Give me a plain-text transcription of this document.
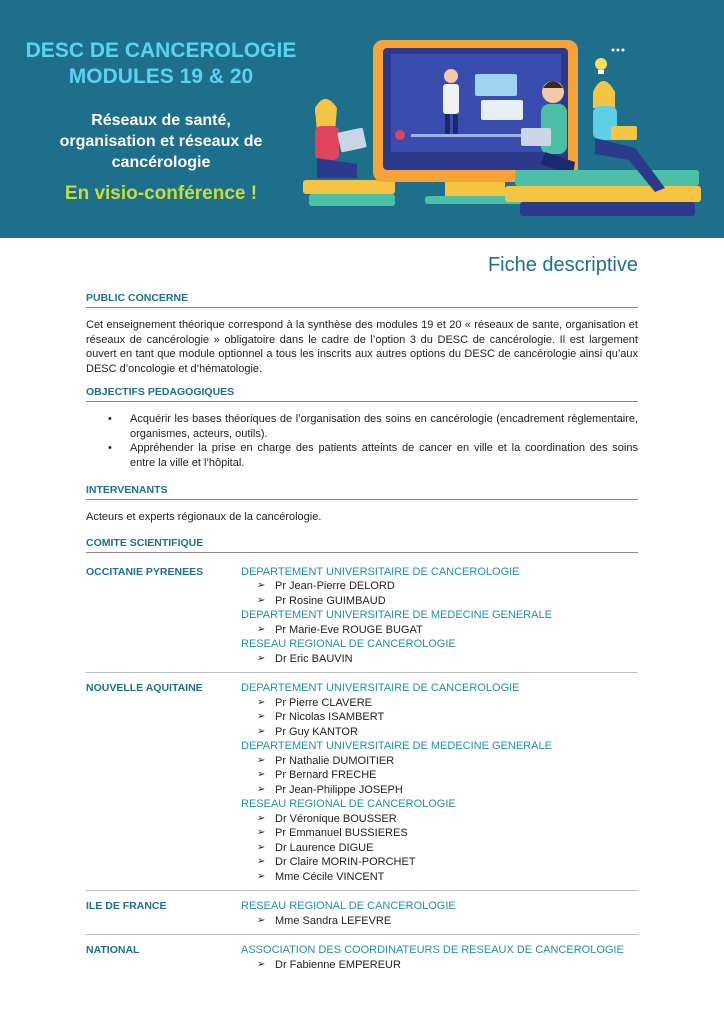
DESC DE CANCEROLOGIE
MODULES 19 & 20
Réseaux de santé,
organisation et réseaux de
cancérologie
En visio-conférence !
Fiche descriptive
PUBLIC CONCERNE

Cet enseignement théorique correspond à la synthèse des modules 19 et 20 « réseaux de sante, organisation et réseaux de cancérologie » obligatoire dans le cadre de l’option 3 du DESC de cancérologie. Il est largement ouvert en tant que module optionnel a tous les inscrits aux autres options du DESC de cancérologie ainsi qu’aux DESC d’oncologie et d’hématologie.

OBJECTIFS PEDAGOGIQUES
• Acquérir les bases théoriques de l’organisation des soins en cancérologie (encadrement règlementaire, organismes, acteurs, outils).
• Appréhender la prise en charge des patients atteints de cancer en ville et la coordination des soins entre la ville et l’hôpital.
INTERVENANTS

Acteurs et experts régionaux de la cancérologie.

COMITE SCIENTIFIQUE
OCCITANIE PYRENEES	DEPARTEMENT UNIVERSITAIRE DE CANCEROLOGIE
➢ Pr Jean-Pierre DELORD
➢ Pr Rosine GUIMBAUD
DEPARTEMENT UNIVERSITAIRE DE MEDECINE GENERALE
➢ Pr Marie-Eve ROUGE BUGAT
RESEAU REGIONAL DE CANCEROLOGIE
➢ Dr Eric BAUVIN
NOUVELLE AQUITAINE	DEPARTEMENT UNIVERSITAIRE DE CANCEROLOGIE
➢ Pr Pierre CLAVERE
➢ Pr Nicolas ISAMBERT
➢ Pr Guy KANTOR
DEPARTEMENT UNIVERSITAIRE DE MEDECINE GENERALE
➢ Pr Nathalie DUMOITIER
➢ Pr Bernard FRECHE
➢ Pr Jean-Philippe JOSEPH
RESEAU REGIONAL DE CANCEROLOGIE
➢ Dr Véronique BOUSSER
➢ Pr Emmanuel BUSSIERES
➢ Dr Laurence DIGUE
➢ Dr Claire MORIN-PORCHET
➢ Mme Cécile VINCENT
ILE DE FRANCE	RESEAU REGIONAL DE CANCEROLOGIE
➢ Mme Sandra LEFEVRE
NATIONAL	ASSOCIATION DES COORDINATEURS DE RESEAUX DE CANCEROLOGIE
➢ Dr Fabienne EMPEREUR
